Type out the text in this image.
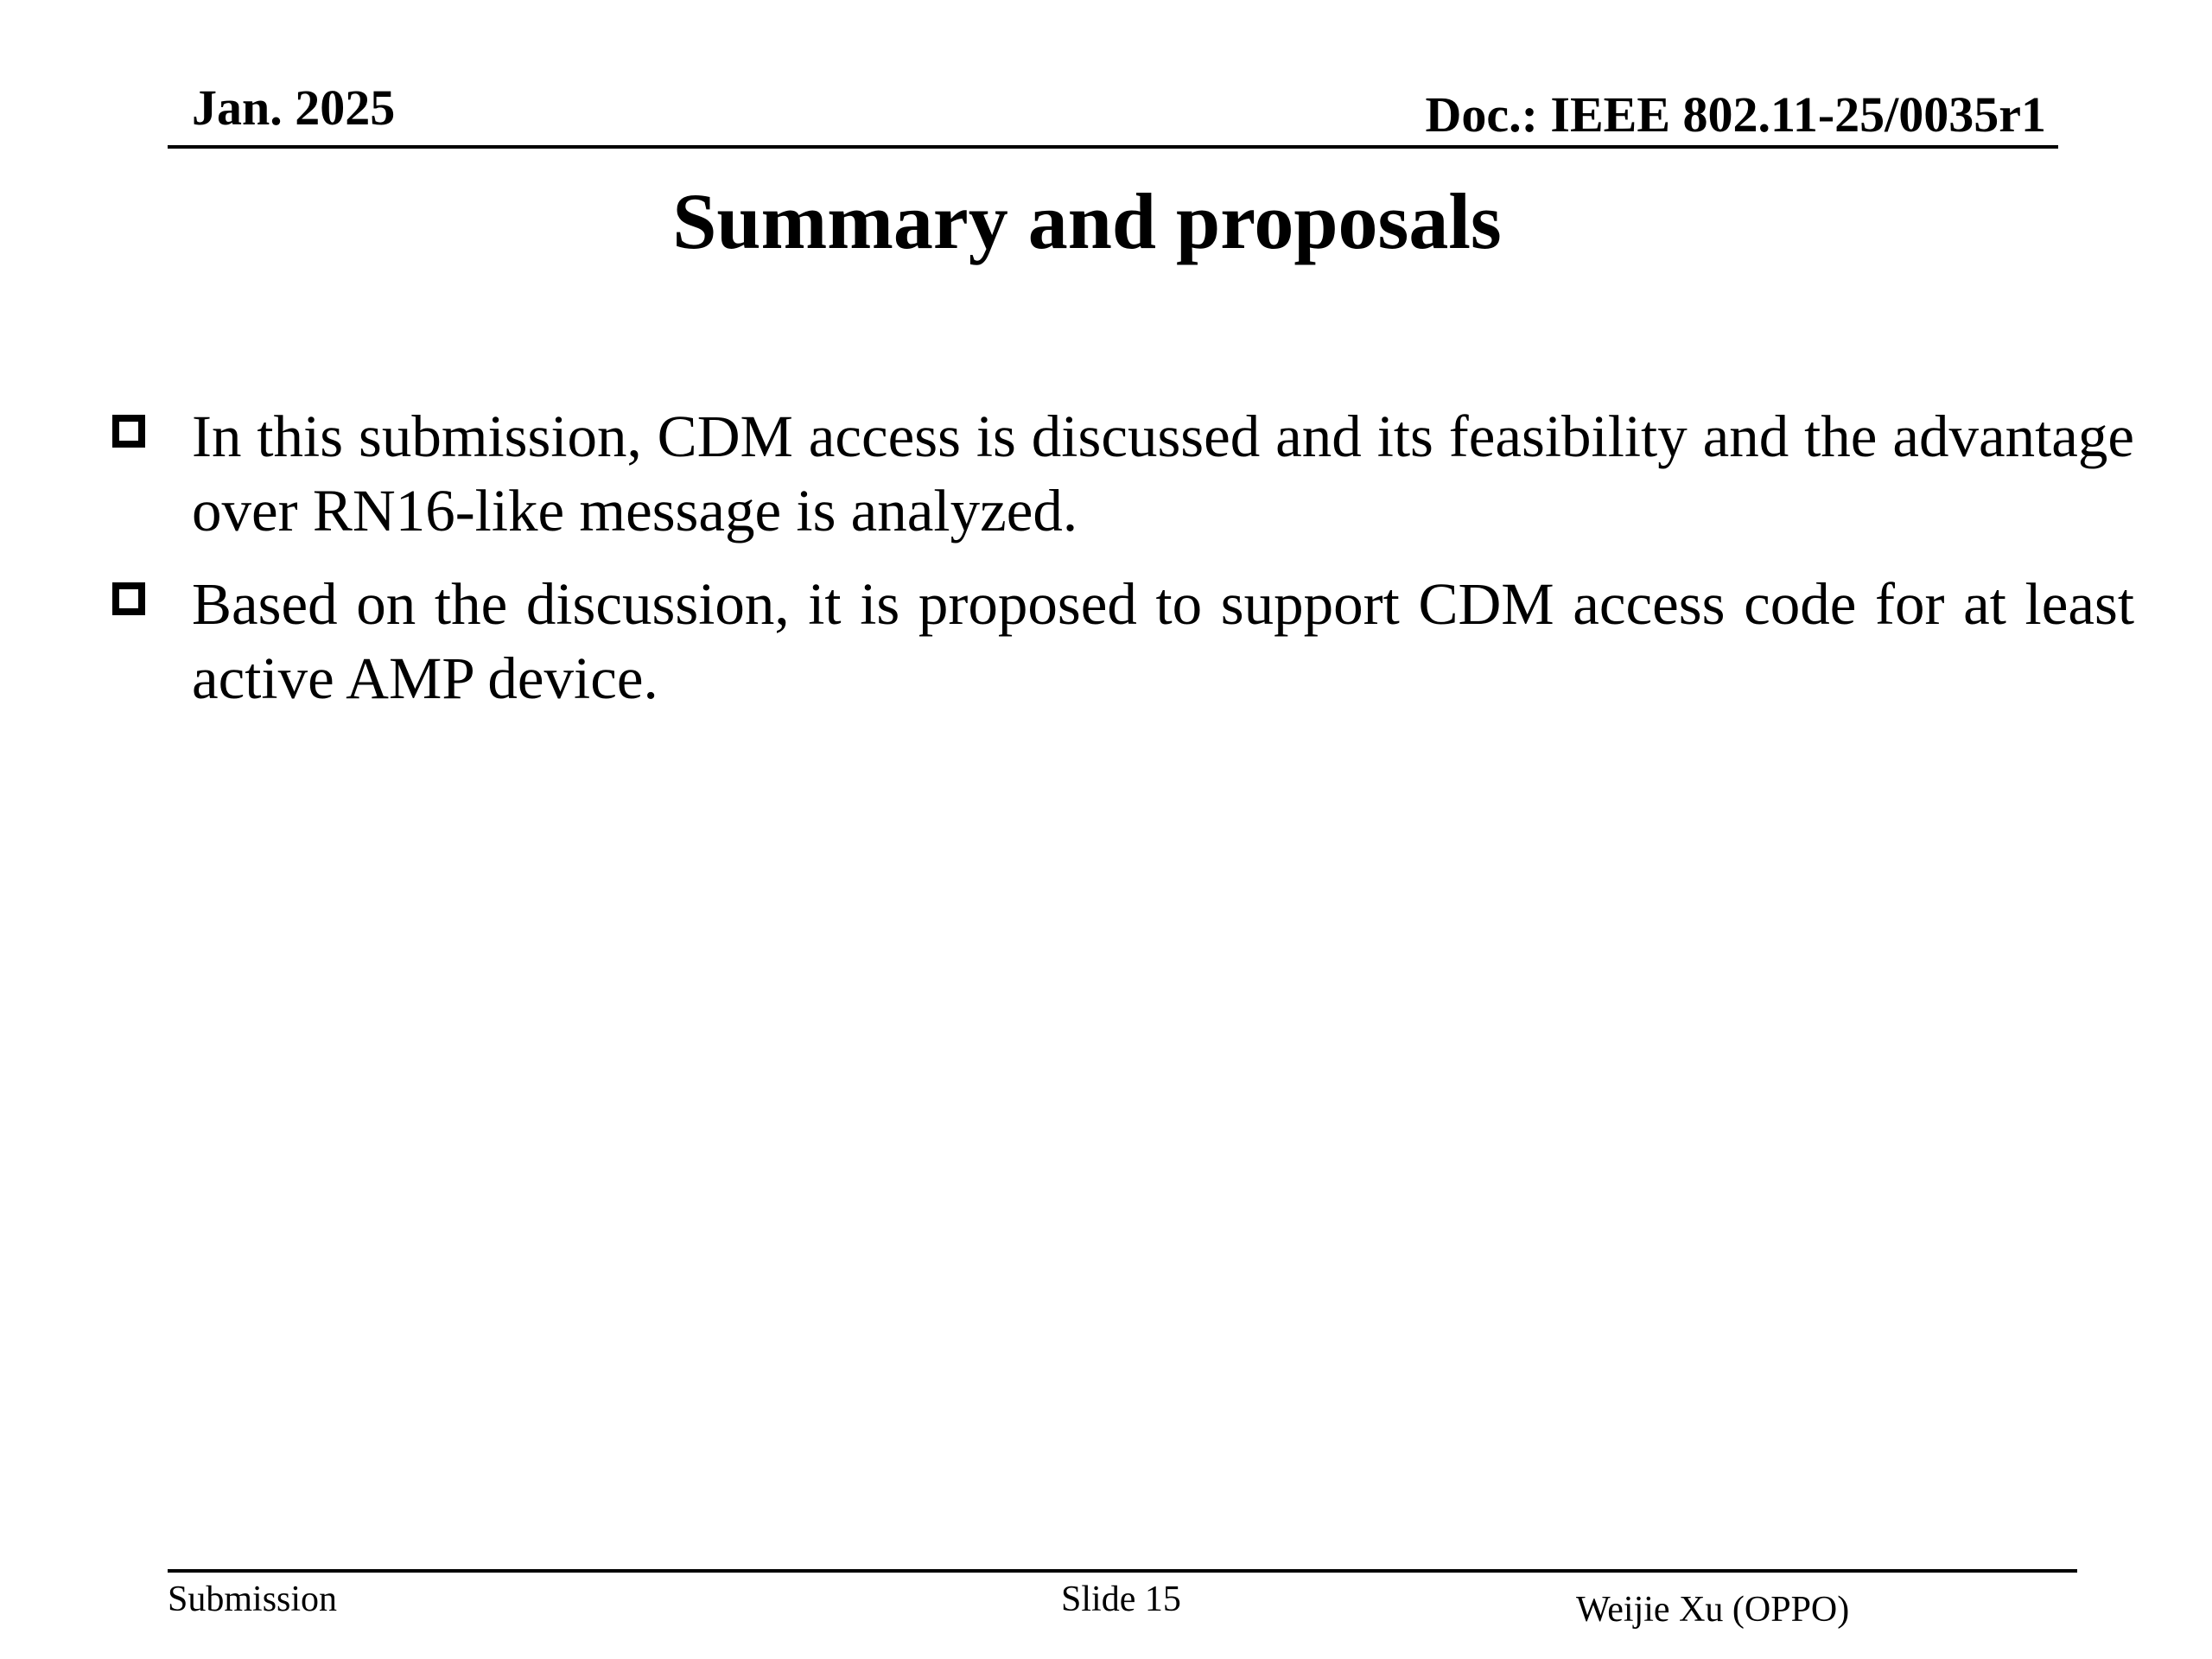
Jan. 2025	Doc.: IEEE 802.11-25/0035r1
Summary and proposals
In this submission, CDM access is discussed and its feasibility and the advantage over RN16-like message is analyzed.
Based on the discussion, it is proposed to support CDM access code for at least active AMP device.
Submission	Slide 15	Weijie Xu (OPPO)
